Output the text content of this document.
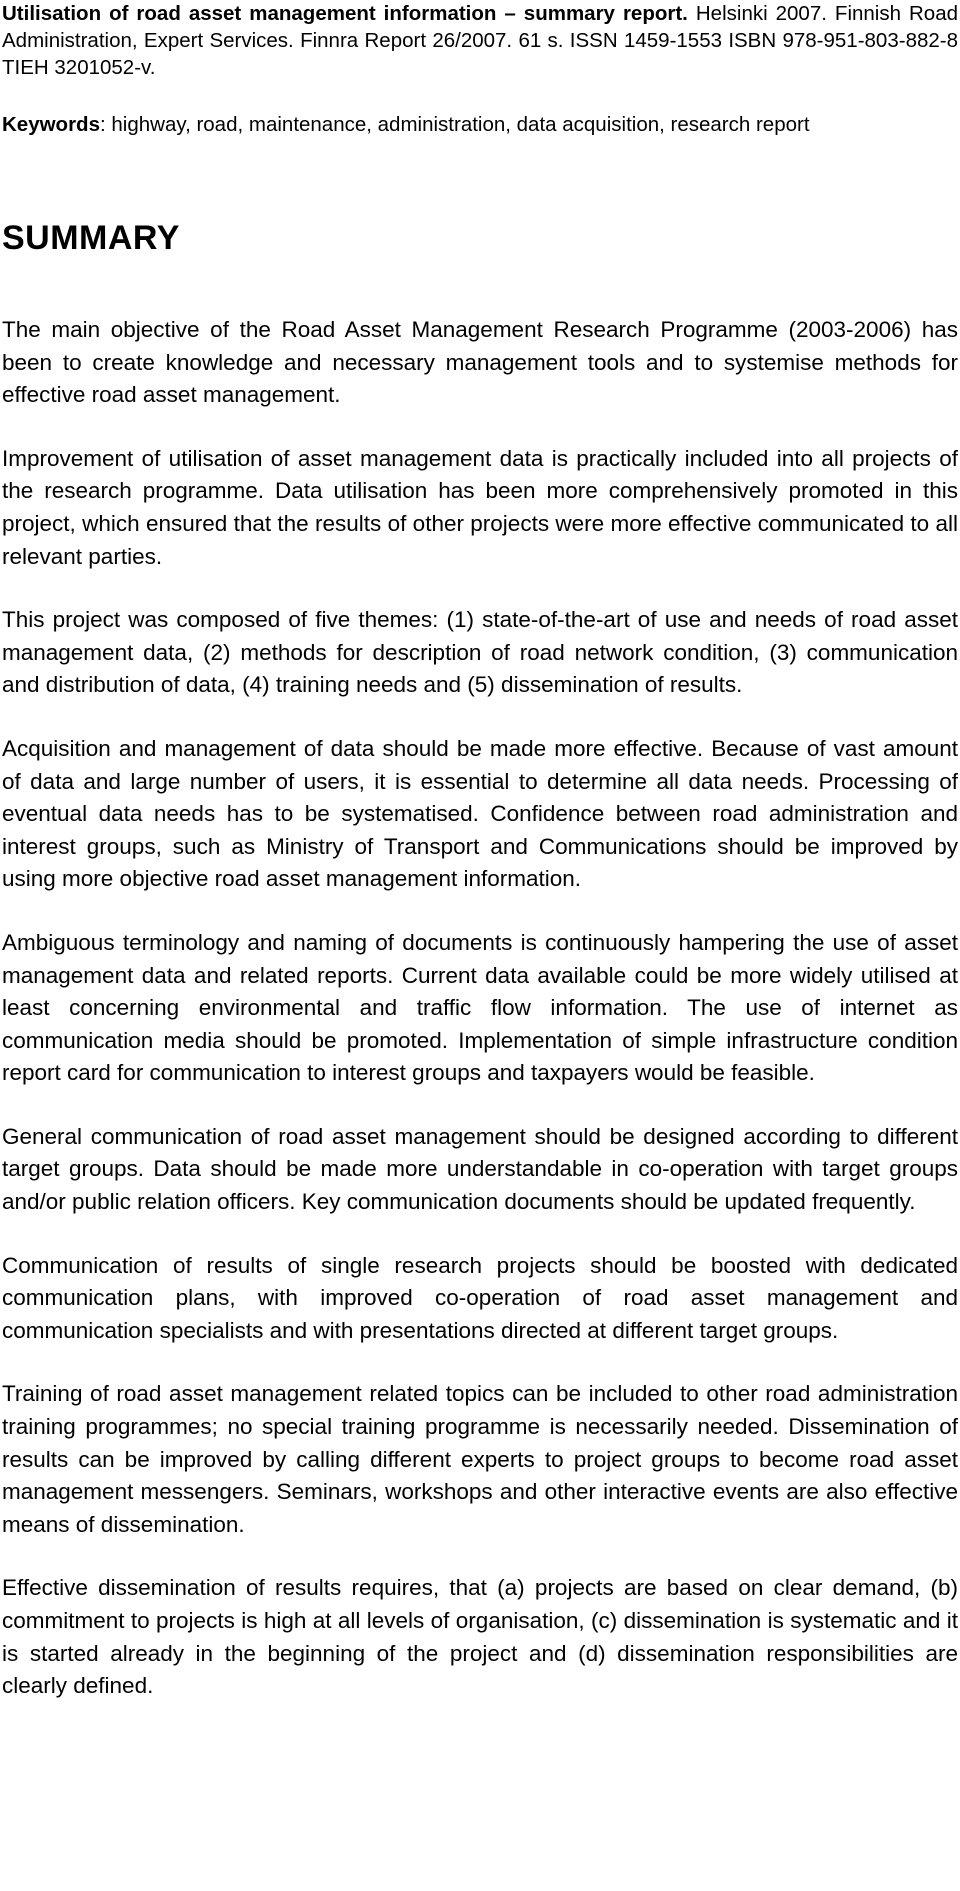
Utilisation of road asset management information – summary report. Helsinki 2007. Finnish Road Administration, Expert Services. Finnra Report 26/2007. 61 s. ISSN 1459-1553 ISBN 978-951-803-882-8 TIEH 3201052-v.

Keywords: highway, road, maintenance, administration, data acquisition, research report

SUMMARY

The main objective of the Road Asset Management Research Programme (2003-2006) has been to create knowledge and necessary management tools and to systemise methods for effective road asset management.

Improvement of utilisation of asset management data is practically included into all projects of the research programme. Data utilisation has been more comprehensively promoted in this project, which ensured that the results of other projects were more effective communicated to all relevant parties.

This project was composed of five themes: (1) state-of-the-art of use and needs of road asset management data, (2) methods for description of road network condition, (3) communication and distribution of data, (4) training needs and (5) dissemination of results.

Acquisition and management of data should be made more effective. Because of vast amount of data and large number of users, it is essential to determine all data needs. Processing of eventual data needs has to be systematised. Confidence between road administration and interest groups, such as Ministry of Transport and Communications should be improved by using more objective road asset management information.

Ambiguous terminology and naming of documents is continuously hampering the use of asset management data and related reports. Current data available could be more widely utilised at least concerning environmental and traffic flow information. The use of internet as communication media should be promoted. Implementation of simple infrastructure condition report card for communication to interest groups and taxpayers would be feasible.

General communication of road asset management should be designed according to different target groups. Data should be made more understandable in co-operation with target groups and/or public relation officers. Key communication documents should be updated frequently.

Communication of results of single research projects should be boosted with dedicated communication plans, with improved co-operation of road asset management and communication specialists and with presentations directed at different target groups.

Training of road asset management related topics can be included to other road administration training programmes; no special training programme is necessarily needed. Dissemination of results can be improved by calling different experts to project groups to become road asset management messengers. Seminars, workshops and other interactive events are also effective means of dissemination.

Effective dissemination of results requires, that (a) projects are based on clear demand, (b) commitment to projects is high at all levels of organisation, (c) dissemination is systematic and it is started already in the beginning of the project and (d) dissemination responsibilities are clearly defined.
